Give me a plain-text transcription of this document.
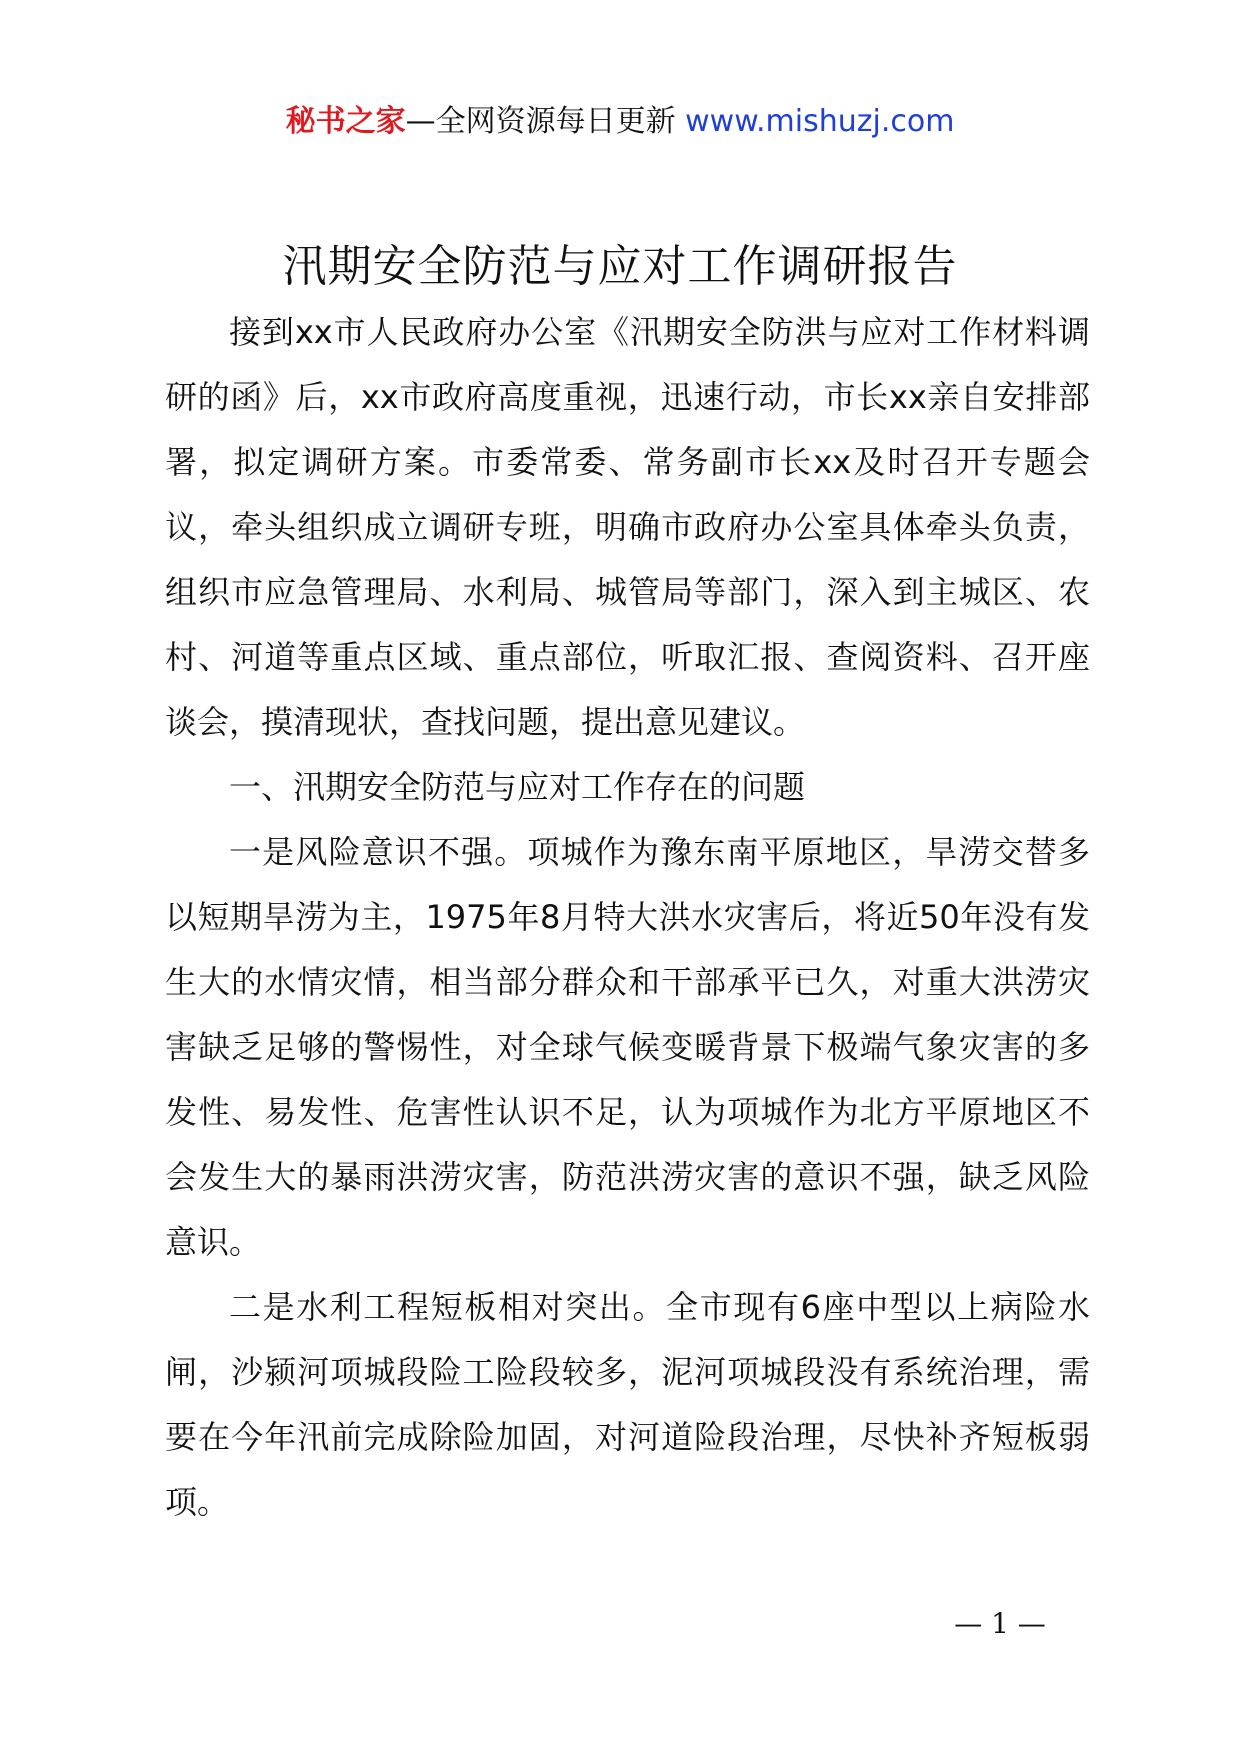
秘书之家—全网资源每日更新 www.mishuzj.com
汛期安全防范与应对工作调研报告

接到xx市人民政府办公室《汛期安全防洪与应对工作材料调研的函》后，xx市政府高度重视，迅速行动，市长xx亲自安排部署，拟定调研方案。市委常委、常务副市长xx及时召开专题会议，牵头组织成立调研专班，明确市政府办公室具体牵头负责，组织市应急管理局、水利局、城管局等部门，深入到主城区、农村、河道等重点区域、重点部位，听取汇报、查阅资料、召开座谈会，摸清现状，查找问题，提出意见建议。

一、汛期安全防范与应对工作存在的问题

一是风险意识不强。项城作为豫东南平原地区，旱涝交替多以短期旱涝为主，1975年8月特大洪水灾害后，将近50年没有发生大的水情灾情，相当部分群众和干部承平已久，对重大洪涝灾害缺乏足够的警惕性，对全球气候变暖背景下极端气象灾害的多发性、易发性、危害性认识不足，认为项城作为北方平原地区不会发生大的暴雨洪涝灾害，防范洪涝灾害的意识不强，缺乏风险意识。

二是水利工程短板相对突出。全市现有6座中型以上病险水闸，沙颍河项城段险工险段较多，泥河项城段没有系统治理，需要在今年汛前完成除险加固，对河道险段治理，尽快补齐短板弱项。

— 1 —
